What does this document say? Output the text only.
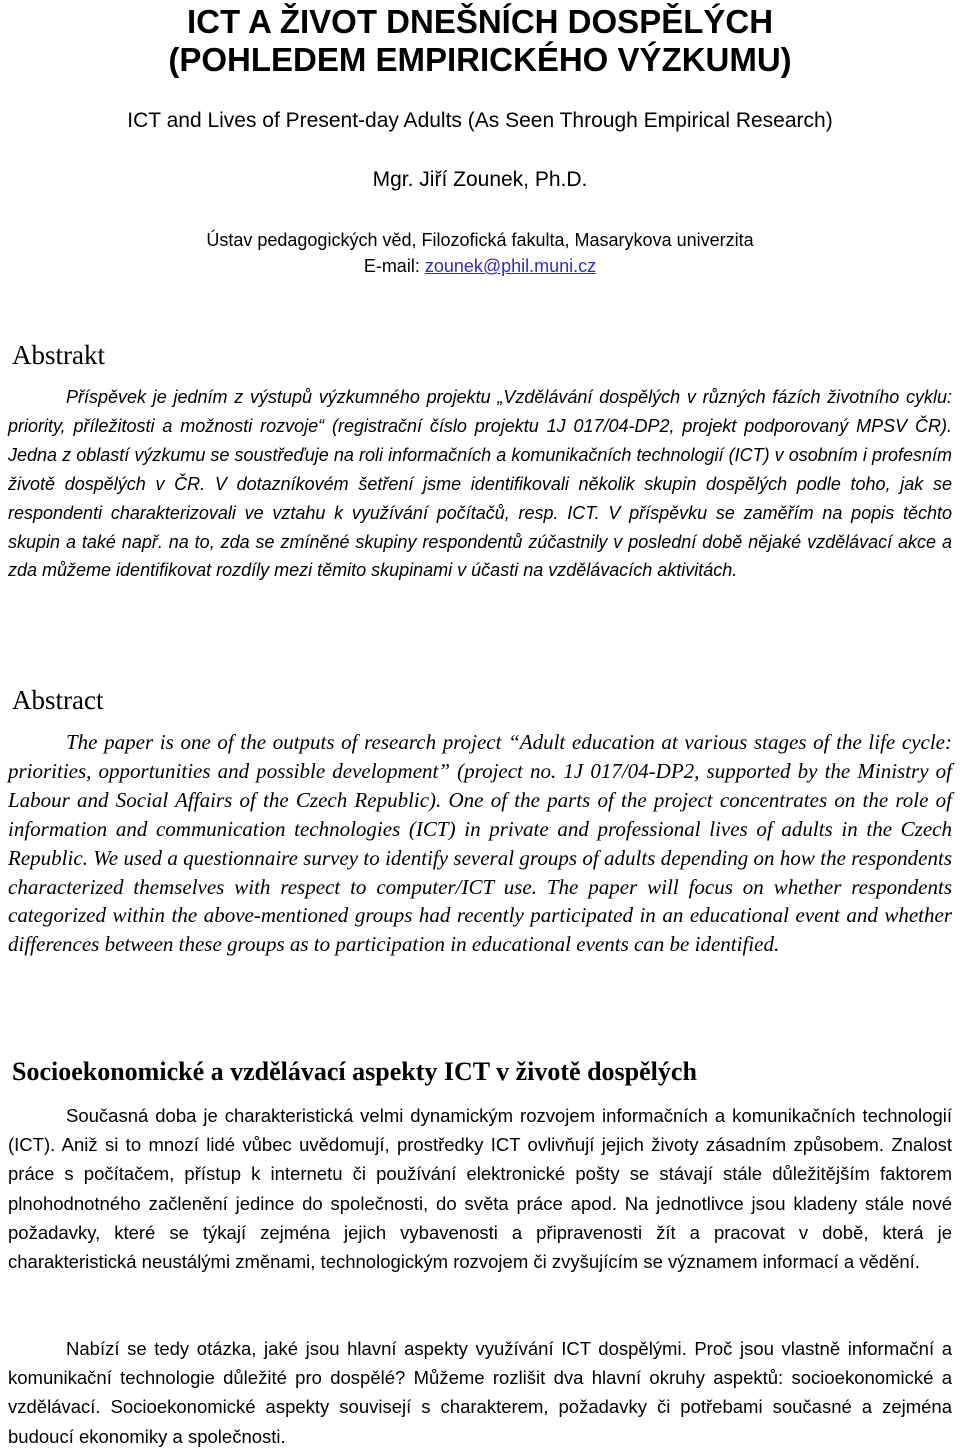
ICT A ŽIVOT DNEŠNÍCH DOSPĚLÝCH
(POHLEDEM EMPIRICKÉHO VÝZKUMU)
ICT and Lives of Present-day Adults (As Seen Through Empirical Research)
Mgr. Jiří Zounek, Ph.D.
Ústav pedagogických věd, Filozofická fakulta, Masarykova univerzita
E-mail: zounek@phil.muni.cz
Abstrakt

Příspěvek je jedním z výstupů výzkumného projektu „Vzdělávání dospělých v různých fázích životního cyklu: priority, příležitosti a možnosti rozvoje“ (registrační číslo projektu 1J 017/04-DP2, projekt podporovaný MPSV ČR). Jedna z oblastí výzkumu se soustřeďuje na roli informačních a komunikačních technologií (ICT) v osobním i profesním životě dospělých v ČR. V dotazníkovém šetření jsme identifikovali několik skupin dospělých podle toho, jak se respondenti charakterizovali ve vztahu k využívání počítačů, resp. ICT. V příspěvku se zaměřím na popis těchto skupin a také např. na to, zda se zmíněné skupiny respondentů zúčastnily v poslední době nějaké vzdělávací akce a zda můžeme identifikovat rozdíly mezi těmito skupinami v účasti na vzdělávacích aktivitách.

Abstract

The paper is one of the outputs of research project “Adult education at various stages of the life cycle: priorities, opportunities and possible development” (project no. 1J 017/04-DP2, supported by the Ministry of Labour and Social Affairs of the Czech Republic). One of the parts of the project concentrates on the role of information and communication technologies (ICT) in private and professional lives of adults in the Czech Republic. We used a questionnaire survey to identify several groups of adults depending on how the respondents characterized themselves with respect to computer/ICT use. The paper will focus on whether respondents categorized within the above-mentioned groups had recently participated in an educational event and whether differences between these groups as to participation in educational events can be identified.

Socioekonomické a vzdělávací aspekty ICT v životě dospělých

Současná doba je charakteristická velmi dynamickým rozvojem informačních a komunikačních technologií (ICT). Aniž si to mnozí lidé vůbec uvědomují, prostředky ICT ovlivňují jejich životy zásadním způsobem. Znalost práce s počítačem, přístup k internetu či používání elektronické pošty se stávají stále důležitějším faktorem plnohodnotného začlenění jedince do společnosti, do světa práce apod. Na jednotlivce jsou kladeny stále nové požadavky, které se týkají zejména jejich vybavenosti a připravenosti žít a pracovat v době, která je charakteristická neustálými změnami, technologickým rozvojem či zvyšujícím se významem informací a vědění.

Nabízí se tedy otázka, jaké jsou hlavní aspekty využívání ICT dospělými. Proč jsou vlastně informační a komunikační technologie důležité pro dospělé? Můžeme rozlišit dva hlavní okruhy aspektů: socioekonomické a vzdělávací. Socioekonomické aspekty souvisejí s charakterem, požadavky či potřebami současné a zejména budoucí ekonomiky a společnosti.
